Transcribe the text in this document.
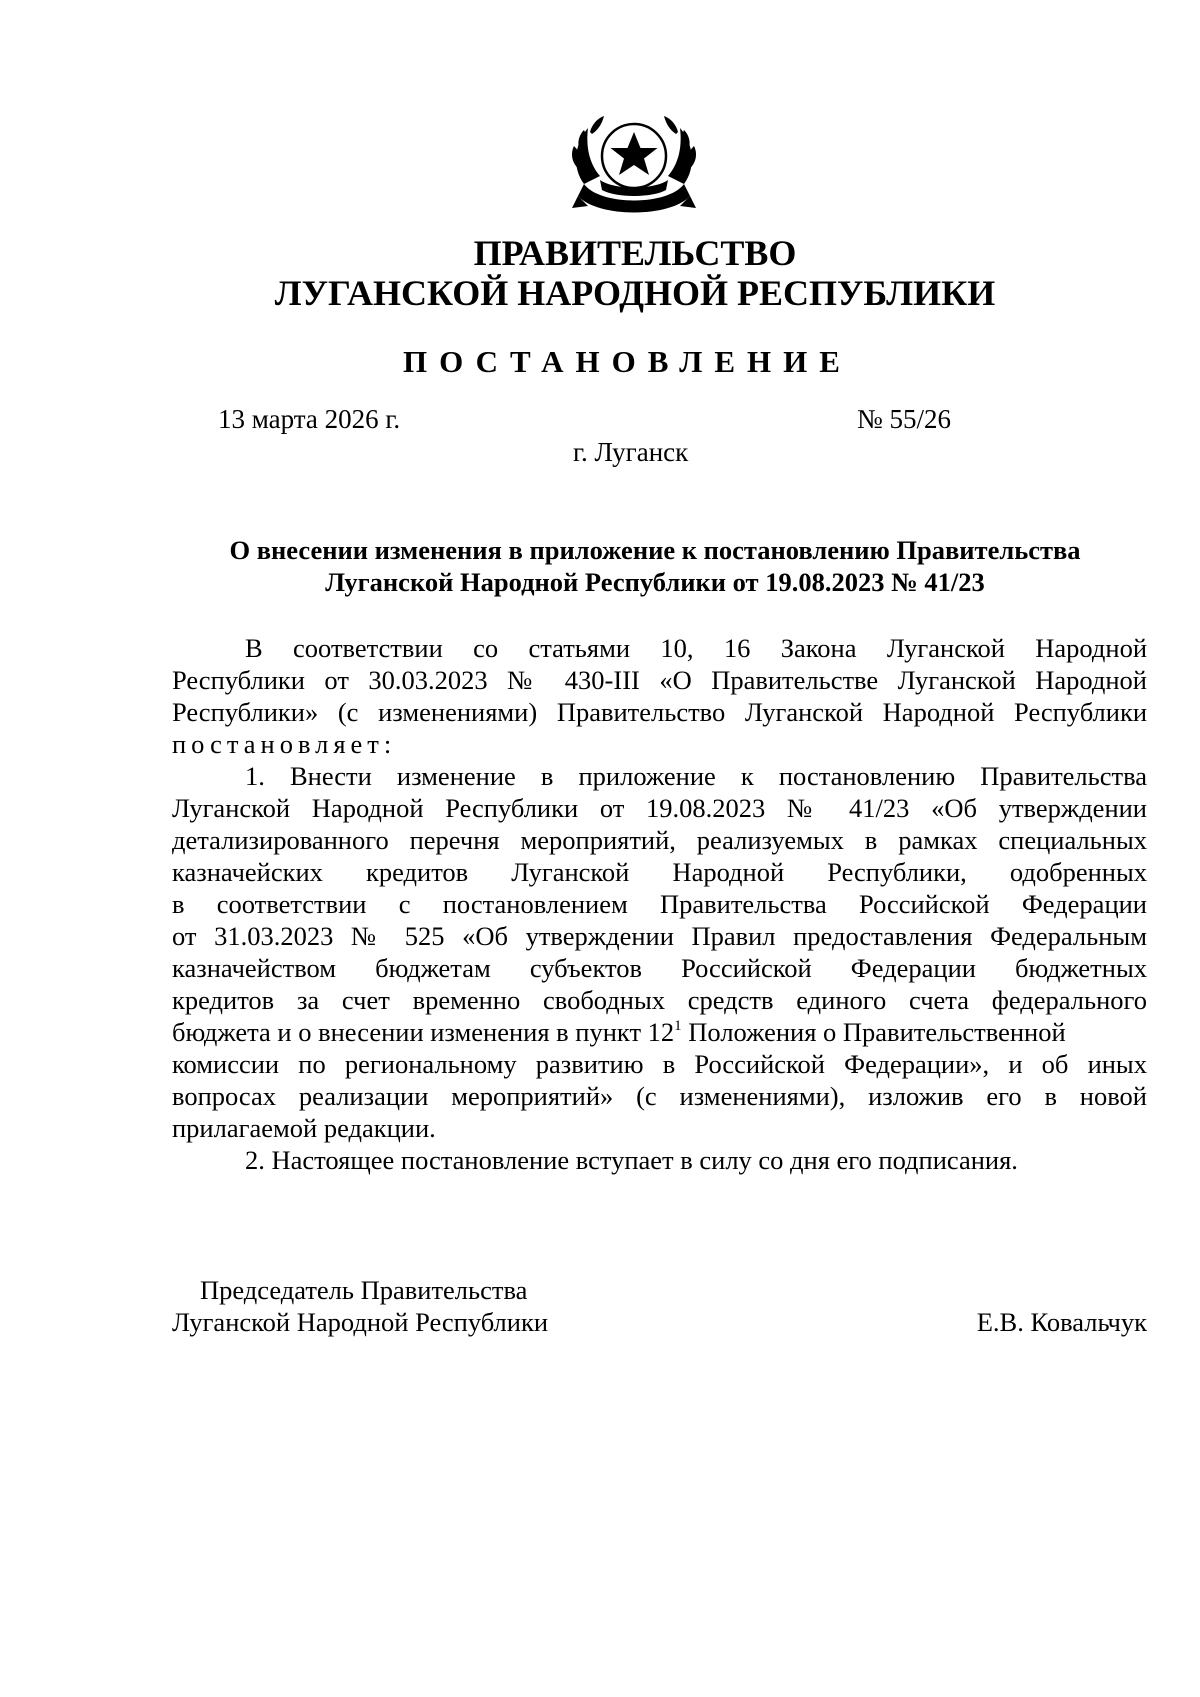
ПРАВИТЕЛЬСТВО
ЛУГАНСКОЙ НАРОДНОЙ РЕСПУБЛИКИ
ПОСТАНОВЛЕНИЕ
13 марта 2026 г.	№ 55/26
г. Луганск
О внесении изменения в приложение к постановлению Правительства
Луганской Народной Республики от 19.08.2023 № 41/23
В соответствии со статьями 10, 16 Закона Луганской Народной
Республики от 30.03.2023 № 430-III «О Правительстве Луганской Народной
Республики» (с изменениями) Правительство Луганской Народной Республики
постановляет:
1. Внести изменение в приложение к постановлению Правительства
Луганской Народной Республики от 19.08.2023 № 41/23 «Об утверждении
детализированного перечня мероприятий, реализуемых в рамках специальных
казначейских кредитов Луганской Народной Республики, одобренных
в соответствии с постановлением Правительства Российской Федерации
от 31.03.2023 № 525 «Об утверждении Правил предоставления Федеральным
казначейством бюджетам субъектов Российской Федерации бюджетных
кредитов за счет временно свободных средств единого счета федерального
бюджета и о внесении изменения в пункт $12^1$ Положения о Правительственной
комиссии по региональному развитию в Российской Федерации», и об иных
вопросах реализации мероприятий» (с изменениями), изложив его в новой
прилагаемой редакции.
2. Настоящее постановление вступает в силу со дня его подписания.
Председатель Правительства
Луганской Народной Республики	Е.В. Ковальчук
